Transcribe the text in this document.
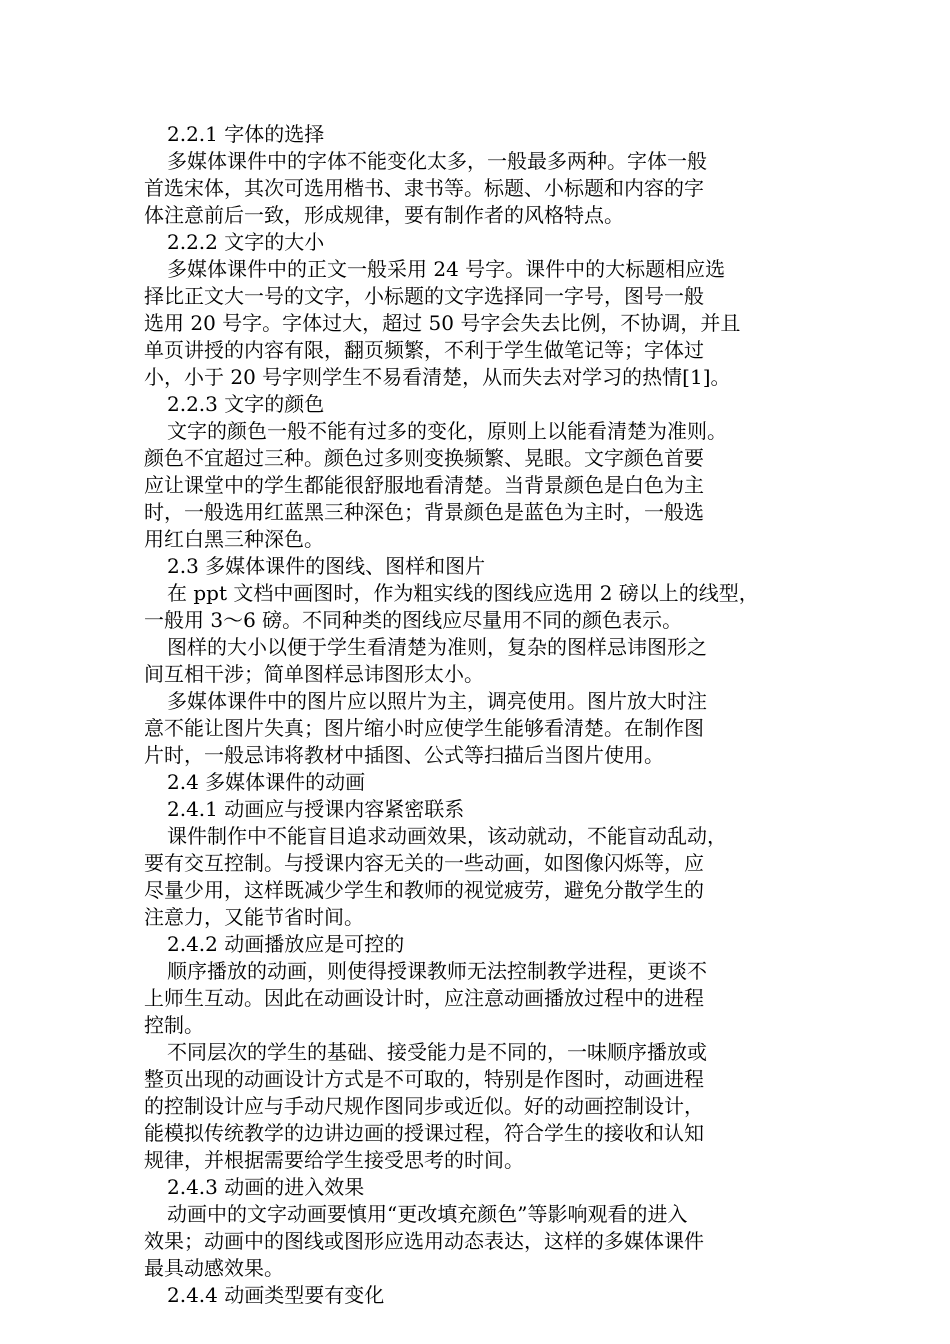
2.2.1 字体的选择
多媒体课件中的字体不能变化太多，一般最多两种。字体一般
首选宋体，其次可选用楷书、隶书等。标题、小标题和内容的字
体注意前后一致，形成规律，要有制作者的风格特点。
2.2.2 文字的大小
多媒体课件中的正文一般采用 24 号字。课件中的大标题相应选
择比正文大一号的文字，小标题的文字选择同一字号，图号一般
选用 20 号字。字体过大，超过 50 号字会失去比例，不协调，并且
单页讲授的内容有限，翻页频繁，不利于学生做笔记等；字体过
小，小于 20 号字则学生不易看清楚，从而失去对学习的热情[1]。
2.2.3 文字的颜色
文字的颜色一般不能有过多的变化，原则上以能看清楚为准则。
颜色不宜超过三种。颜色过多则变换频繁、晃眼。文字颜色首要
应让课堂中的学生都能很舒服地看清楚。当背景颜色是白色为主
时，一般选用红蓝黑三种深色；背景颜色是蓝色为主时，一般选
用红白黑三种深色。
2.3 多媒体课件的图线、图样和图片
在 ppt 文档中画图时，作为粗实线的图线应选用 2 磅以上的线型，
一般用 3～6 磅。不同种类的图线应尽量用不同的颜色表示。
图样的大小以便于学生看清楚为准则，复杂的图样忌讳图形之
间互相干涉；简单图样忌讳图形太小。
多媒体课件中的图片应以照片为主，调亮使用。图片放大时注
意不能让图片失真；图片缩小时应使学生能够看清楚。在制作图
片时，一般忌讳将教材中插图、公式等扫描后当图片使用。
2.4 多媒体课件的动画
2.4.1 动画应与授课内容紧密联系
课件制作中不能盲目追求动画效果，该动就动，不能盲动乱动，
要有交互控制。与授课内容无关的一些动画，如图像闪烁等，应
尽量少用，这样既减少学生和教师的视觉疲劳，避免分散学生的
注意力，又能节省时间。
2.4.2 动画播放应是可控的
顺序播放的动画，则使得授课教师无法控制教学进程，更谈不
上师生互动。因此在动画设计时，应注意动画播放过程中的进程
控制。
不同层次的学生的基础、接受能力是不同的，一味顺序播放或
整页出现的动画设计方式是不可取的，特别是作图时，动画进程
的控制设计应与手动尺规作图同步或近似。好的动画控制设计，
能模拟传统教学的边讲边画的授课过程，符合学生的接收和认知
规律，并根据需要给学生接受思考的时间。
2.4.3 动画的进入效果
动画中的文字动画要慎用“更改填充颜色”等影响观看的进入
效果；动画中的图线或图形应选用动态表达，这样的多媒体课件
最具动感效果。
2.4.4 动画类型要有变化
